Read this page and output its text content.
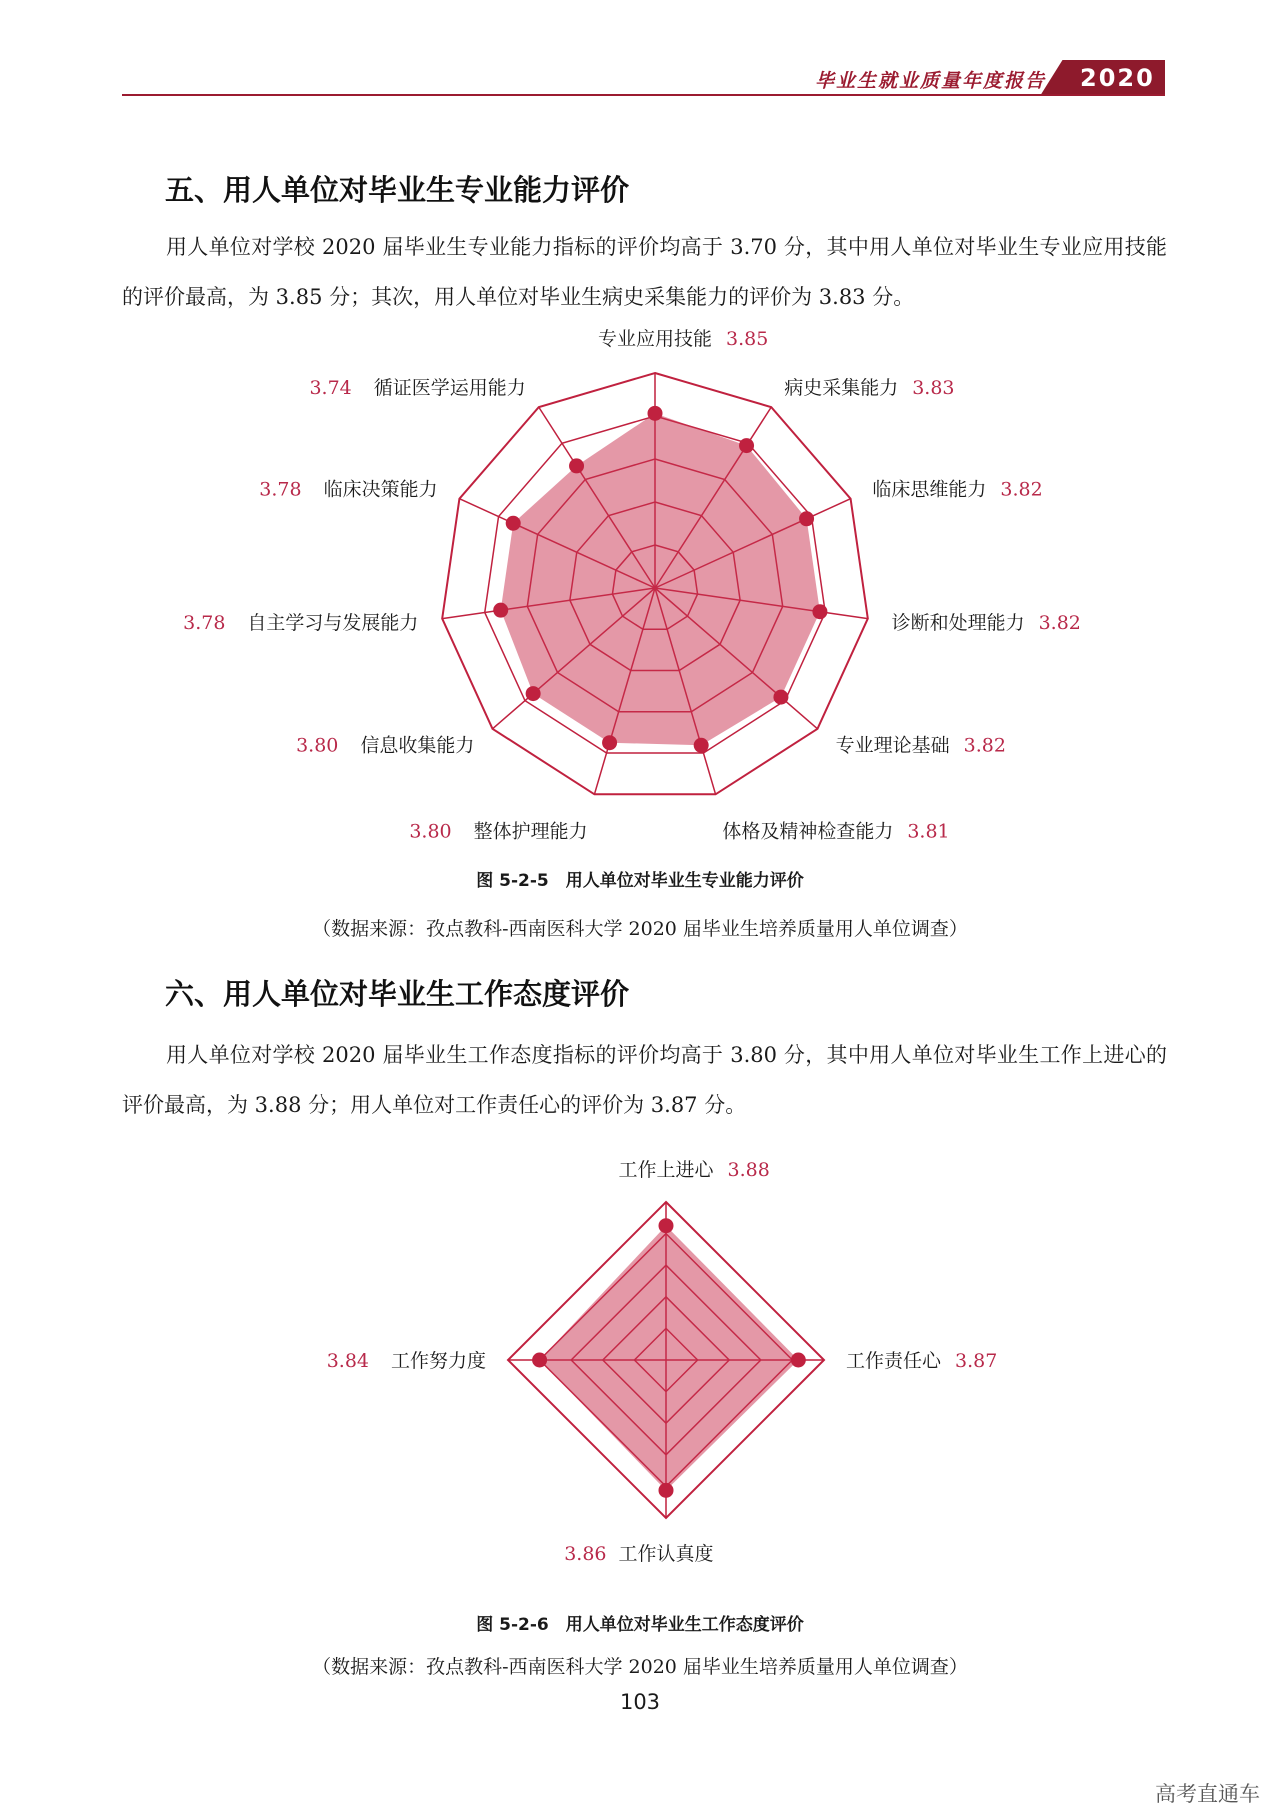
毕业生就业质量年度报告 2020
五、用人单位对毕业生专业能力评价

用人单位对学校 2020 届毕业生专业能力指标的评价均高于 3.70 分，其中用人单位对毕业生专业应用技能的评价最高，为 3.85 分；其次，用人单位对毕业生病史采集能力的评价为 3.83 分。

专业应用技能 3.85
病史采集能力 3.83
临床思维能力 3.82
诊断和处理能力 3.82
专业理论基础 3.82
体格及精神检查能力 3.81
整体护理能力
3.80
信息收集能力
3.80
自主学习与发展能力
3.78
临床决策能力
3.78
循证医学运用能力
3.74
图 5-2-5　用人单位对毕业生专业能力评价
（数据来源：孜点教科-西南医科大学 2020 届毕业生培养质量用人单位调查）
六、用人单位对毕业生工作态度评价

用人单位对学校 2020 届毕业生工作态度指标的评价均高于 3.80 分，其中用人单位对毕业生工作上进心的评价最高，为 3.88 分；用人单位对工作责任心的评价为 3.87 分。

工作上进心 3.88
工作责任心 3.87
工作认真度
3.86
工作努力度
3.84
图 5-2-6　用人单位对毕业生工作态度评价
（数据来源：孜点教科-西南医科大学 2020 届毕业生培养质量用人单位调查）
103
高考直通车
